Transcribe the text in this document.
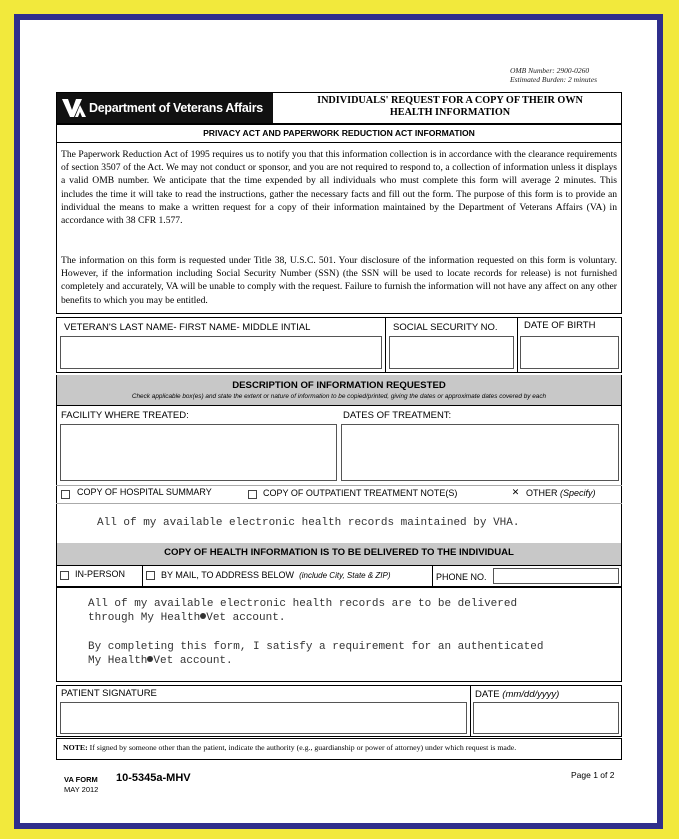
OMB Number: 2900-0260
Estimated Burden: 2 minutes
Department of Veterans Affairs
INDIVIDUALS' REQUEST FOR A COPY OF THEIR OWN
HEALTH INFORMATION
PRIVACY ACT AND PAPERWORK REDUCTION ACT INFORMATION
The Paperwork Reduction Act of 1995 requires us to notify you that this information collection is in accordance with the clearance requirements of section 3507 of the Act. We may not conduct or sponsor, and you are not required to respond to, a collection of information unless it displays a valid OMB number. We anticipate that the time expended by all individuals who must complete this form will average 2 minutes. This includes the time it will take to read the instructions, gather the necessary facts and fill out the form. The purpose of this form is to provide an individual the means to make a written request for a copy of their information maintained by the Department of Veterans Affairs (VA) in accordance with 38 CFR 1.577.
The information on this form is requested under Title 38, U.S.C. 501. Your disclosure of the information requested on this form is voluntary. However, if the information including Social Security Number (SSN) (the SSN will be used to locate records for release) is not furnished completely and accurately, VA will be unable to comply with the request. Failure to furnish the information will not have any affect on any other benefits to which you may be entitled.
VETERAN'S LAST NAME- FIRST NAME- MIDDLE INTIAL	SOCIAL SECURITY NO.	DATE OF BIRTH
DESCRIPTION OF INFORMATION REQUESTED
Check applicable box(es) and state the extent or nature of information to be copied/printed, giving the dates or approximate dates covered by each
FACILITY WHERE TREATED:	DATES OF TREATMENT:
COPY OF HOSPITAL SUMMARY	COPY OF OUTPATIENT TREATMENT NOTE(S)	✕ OTHER (Specify)
All of my available electronic health records maintained by VHA.
COPY OF HEALTH INFORMATION IS TO BE DELIVERED TO THE INDIVIDUAL
IN-PERSON	BY MAIL, TO ADDRESS BELOW (include City, State & ZIP)	PHONE NO.
All of my available electronic health records are to be delivered
through My Health Vet account.
By completing this form, I satisfy a requirement for an authenticated
My Health Vet account.
PATIENT SIGNATURE	DATE (mm/dd/yyyy)
NOTE: If signed by someone other than the patient, indicate the authority (e.g., guardianship or power of attorney) under which request is made.
VA FORM 10-5345a-MHV
MAY 2012
Page 1 of 2
